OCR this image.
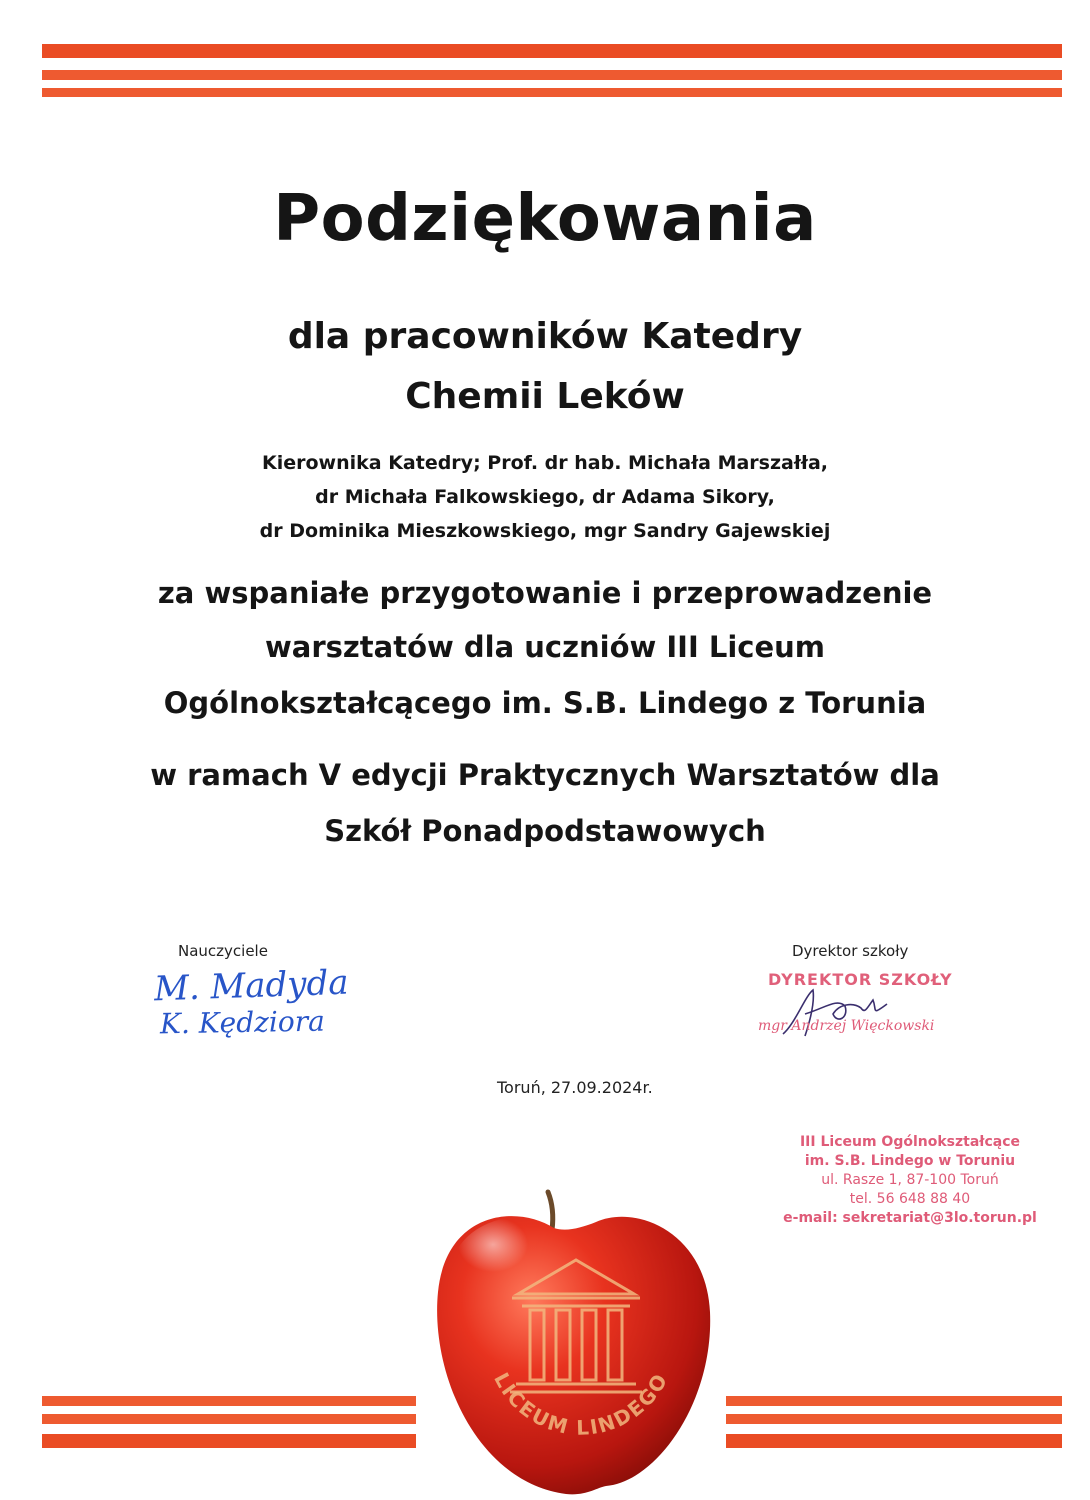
Podziękowania
dla pracowników Katedry
Chemii Leków
Kierownika Katedry; Prof. dr hab. Michała Marszałła,
dr Michała Falkowskiego, dr Adama Sikory,
dr Dominika Mieszkowskiego, mgr Sandry Gajewskiej
za wspaniałe przygotowanie i przeprowadzenie
warsztatów dla uczniów III Liceum
Ogólnokształcącego im. S.B. Lindego z Torunia
w ramach V edycji Praktycznych Warsztatów dla
Szkół Ponadpodstawowych
Nauczyciele
M. Madyda
K. Kędziora
Dyrektor szkoły
DYREKTOR SZKOŁY
mgr Andrzej Więckowski
Toruń, 27.09.2024r.
III Liceum Ogólnokształcące
im. S.B. Lindego w Toruniu
ul. Rasze 1, 87-100 Toruń
tel. 56 648 88 40
e-mail: sekretariat@3lo.torun.pl
LICEUM LINDEGO
